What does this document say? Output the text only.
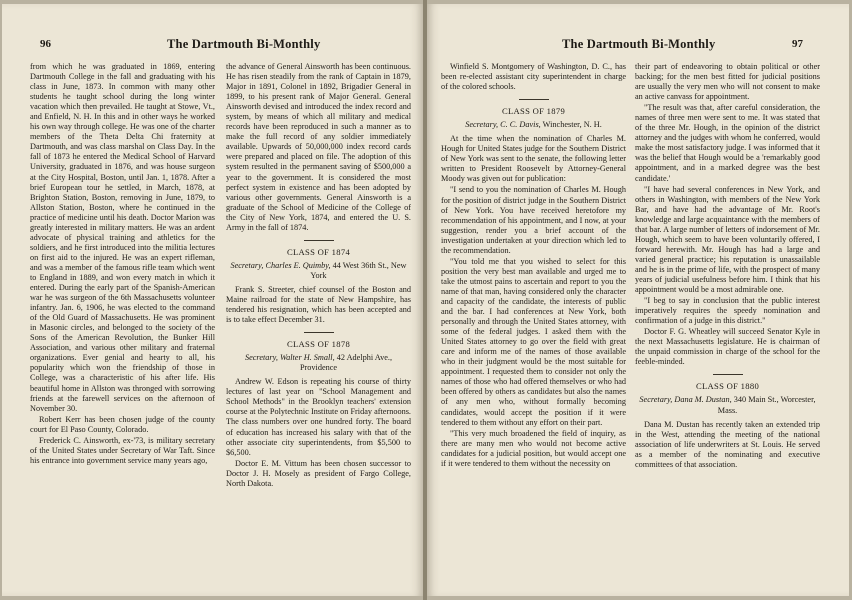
96	The Dartmouth Bi-Monthly

from which he was graduated in 1869, entering Dartmouth College in the fall and graduating with his class in June, 1873. In common with many other students he taught school during the long winter vacation which then prevailed. He taught at Stowe, Vt., and Enfield, N. H. In this and in other ways he worked his own way through college. He was one of the charter members of the Theta Delta Chi fraternity at Dartmouth, and was class marshal on Class Day. In the fall of 1873 he entered the Medical School of Harvard University, graduated in 1876, and was house surgeon at the City Hospital, Boston, until Jan. 1, 1878. After a brief European tour he settled, in March, 1878, at Brighton Station, Boston, removing in June, 1879, to Allston Station, Boston, where he continued in the practice of medicine until his death. Doctor Marion was greatly interested in military matters. He was an ardent advocate of physical training and athletics for the soldiers, and he first introduced into the militia lectures on first aid to the injured. He was an expert rifleman, and was a member of the famous rifle team which went to England in 1889, and won every match in which it entered. During the early part of the Spanish-American war he was surgeon of the 6th Massachusetts volunteer infantry. Jan. 6, 1906, he was elected to the command of the Old Guard of Massachusetts. He was prominent in Masonic circles, and belonged to the society of the Sons of the American Revolution, the Bunker Hill Association, and various other military and fraternal organizations. Ever genial and hearty to all, his popularity which won the friendship of those in College, was a characteristic of his after life. His beautiful home in Allston was thronged with sorrowing friends at the farewell services on the afternoon of November 30.

Robert Kerr has been chosen judge of the county court for El Paso County, Colorado.

Frederick C. Ainsworth, ex-'73, is military secretary of the United States under Secretary of War Taft. Since his entrance into government service many years ago,

the advance of General Ainsworth has been continuous. He has risen steadily from the rank of Captain in 1879, Major in 1891, Colonel in 1892, Brigadier General in 1899, to his present rank of Major General. General Ainsworth devised and introduced the index record and system, by means of which all military and medical records have been reproduced in such a manner as to make the full record of any soldier immediately available. Upwards of 50,000,000 index record cards were prepared and placed on file. The adoption of this system resulted in the permanent saving of $500,000 a year to the government. It is considered the most perfect system in existence and has been adopted by various other governments. General Ainsworth is a graduate of the School of Medicine of the College of the City of New York, 1874, and entered the U. S. Army in the fall of 1874.

CLASS OF 1874

Secretary, Charles E. Quimby, 44 West 36th St., New York

Frank S. Streeter, chief counsel of the Boston and Maine railroad for the state of New Hampshire, has tendered his resignation, which has been accepted and is to take effect December 31.

CLASS OF 1878

Secretary, Walter H. Small, 42 Adelphi Ave., Providence

Andrew W. Edson is repeating his course of thirty lectures of last year on "School Management and School Methods" in the Brooklyn teachers' extension course at the Polytechnic Institute on Friday afternoons. The class numbers over one hundred forty. The board of education has increased his salary with that of the other associate city superintendents, from $5,500 to $6,500.

Doctor E. M. Vittum has been chosen successor to Doctor J. H. Mosely as president of Fargo College, North Dakota.

The Dartmouth Bi-Monthly	97

Winfield S. Montgomery of Washington, D. C., has been re-elected assistant city superintendent in charge of the colored schools.

CLASS OF 1879

Secretary, C. C. Davis, Winchester, N. H.

At the time when the nomination of Charles M. Hough for United States judge for the Southern District of New York was sent to the senate, the following letter written to President Roosevelt by Attorney-General Moody was given out for publication:

"I send to you the nomination of Charles M. Hough for the position of district judge in the Southern District of New York. You have received heretofore my recommendation of his appointment, and I now, at your suggestion, render you a brief account of the investigation undertaken at your direction which led to the recommendation.

"You told me that you wished to select for this position the very best man available and urged me to take the utmost pains to ascertain and report to you the name of that man, having considered only the character and capacity of the candidate, the interests of public and the bar. I had conferences at New York, both personally and through the United States attorney, with some of the federal judges. I asked them with the United States attorney to go over the field with great care and inform me of the names of those available who in their judgment would be the most suitable for appointment. I requested them to consider not only the names of those who had offered themselves or who had been offered by others as candidates but also the names of any men who, without formally becoming candidates, would accept the position if it were tendered to them without any effort on their part.

"This very much broadened the field of inquiry, as there are many men who would not become active candidates for a judicial position, but would accept one if it were tendered to them without the necessity on

their part of endeavoring to obtain political or other backing; for the men best fitted for judicial positions are usually the very men who will not consent to make an active canvass for appointment.

"The result was that, after careful consideration, the names of three men were sent to me. It was stated that of the three Mr. Hough, in the opinion of the district attorney and the judges with whom he conferred, would make the most satisfactory judge. I was informed that it was the belief that Hough would be a 'remarkably good appointment, and in a marked degree was the best candidate.'

"I have had several conferences in New York, and others in Washington, with members of the New York Bar, and have had the advantage of Mr. Root's knowledge and large acquaintance with the members of that bar. A large number of letters of indorsement of Mr. Hough, which seem to have been voluntarily offered, I forward herewith. Mr. Hough has had a large and varied general practice; his reputation is unassailable and he is in the prime of life, with the prospect of many years of judicial usefulness before him. I think that his appointment would be a most admirable one.

"I beg to say in conclusion that the public interest imperatively requires the speedy nomination and confirmation of a judge in this district."

Doctor F. G. Wheatley will succeed Senator Kyle in the next Massachusetts legislature. He is chairman of the unpaid commission in charge of the school for the feeble-minded.

CLASS OF 1880

Secretary, Dana M. Dustan, 340 Main St., Worcester, Mass.

Dana M. Dustan has recently taken an extended trip in the West, attending the meeting of the national association of life underwriters at St. Louis. He served as a member of the nominating and executive committees of that association.
